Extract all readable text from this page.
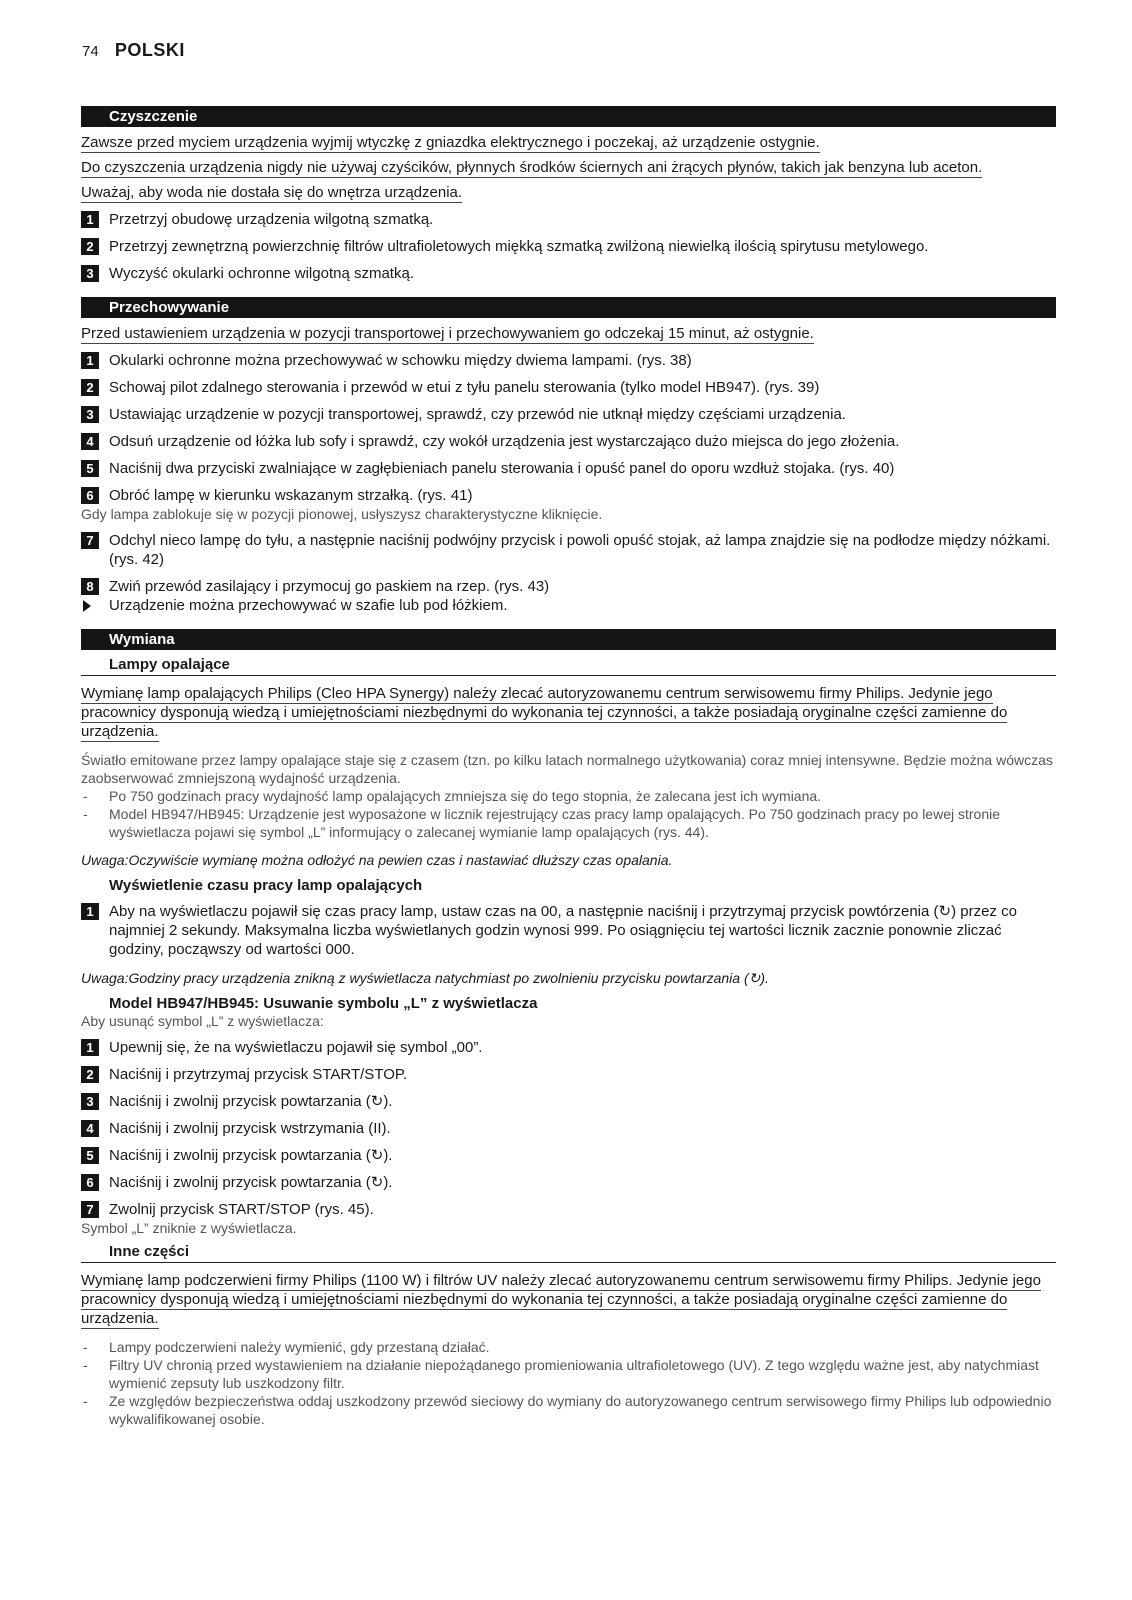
74 POLSKI
Czyszczenie
Zawsze przed myciem urządzenia wyjmij wtyczkę z gniazdka elektrycznego i poczekaj, aż urządzenie ostygnie.
Do czyszczenia urządzenia nigdy nie używaj czyścików, płynnych środków ściernych ani żrących płynów, takich jak benzyna lub aceton.
Uważaj, aby woda nie dostała się do wnętrza urządzenia.
1	Przetrzyj obudowę urządzenia wilgotną szmatką.
2	Przetrzyj zewnętrzną powierzchnię filtrów ultrafioletowych miękką szmatką zwilżoną niewielką ilością spirytusu metylowego.
3	Wyczyść okularki ochronne wilgotną szmatką.
Przechowywanie
Przed ustawieniem urządzenia w pozycji transportowej i przechowywaniem go odczekaj 15 minut, aż ostygnie.
1	Okularki ochronne można przechowywać w schowku między dwiema lampami. (rys. 38)
2	Schowaj pilot zdalnego sterowania i przewód w etui z tyłu panelu sterowania (tylko model HB947). (rys. 39)
3	Ustawiając urządzenie w pozycji transportowej, sprawdź, czy przewód nie utknął między częściami urządzenia.
4	Odsuń urządzenie od łóżka lub sofy i sprawdź, czy wokół urządzenia jest wystarczająco dużo miejsca do jego złożenia.
5	Naciśnij dwa przyciski zwalniające w zagłębieniach panelu sterowania i opuść panel do oporu wzdłuż stojaka. (rys. 40)
6	Obróć lampę w kierunku wskazanym strzałką. (rys. 41)
Gdy lampa zablokuje się w pozycji pionowej, usłyszysz charakterystyczne kliknięcie.
7	Odchyl nieco lampę do tyłu, a następnie naciśnij podwójny przycisk i powoli opuść stojak, aż lampa znajdzie się na podłodze między nóżkami. (rys. 42)
8	Zwiń przewód zasilający i przymocuj go paskiem na rzep. (rys. 43)
Urządzenie można przechowywać w szafie lub pod łóżkiem.
Wymiana
Lampy opalające
Wymianę lamp opalających Philips (Cleo HPA Synergy) należy zlecać autoryzowanemu centrum serwisowemu firmy Philips. Jedynie jego pracownicy dysponują wiedzą i umiejętnościami niezbędnymi do wykonania tej czynności, a także posiadają oryginalne części zamienne do urządzenia.
Światło emitowane przez lampy opalające staje się z czasem (tzn. po kilku latach normalnego użytkowania) coraz mniej intensywne. Będzie można wówczas zaobserwować zmniejszoną wydajność urządzenia.
- Po 750 godzinach pracy wydajność lamp opalających zmniejsza się do tego stopnia, że zalecana jest ich wymiana.
- Model HB947/HB945: Urządzenie jest wyposażone w licznik rejestrujący czas pracy lamp opalających. Po 750 godzinach pracy po lewej stronie wyświetlacza pojawi się symbol „L” informujący o zalecanej wymianie lamp opalających (rys. 44).
Uwaga:Oczywiście wymianę można odłożyć na pewien czas i nastawiać dłuższy czas opalania.
Wyświetlenie czasu pracy lamp opalających
1	Aby na wyświetlaczu pojawił się czas pracy lamp, ustaw czas na 00, a następnie naciśnij i przytrzymaj przycisk powtórzenia (↻) przez co najmniej 2 sekundy. Maksymalna liczba wyświetlanych godzin wynosi 999. Po osiągnięciu tej wartości licznik zacznie ponownie zliczać godziny, począwszy od wartości 000.
Uwaga:Godziny pracy urządzenia znikną z wyświetlacza natychmiast po zwolnieniu przycisku powtarzania (↻).
Model HB947/HB945: Usuwanie symbolu „L” z wyświetlacza
Aby usunąć symbol „L” z wyświetlacza:
1	Upewnij się, że na wyświetlaczu pojawił się symbol „00”.
2	Naciśnij i przytrzymaj przycisk START/STOP.
3	Naciśnij i zwolnij przycisk powtarzania (↻).
4	Naciśnij i zwolnij przycisk wstrzymania (II).
5	Naciśnij i zwolnij przycisk powtarzania (↻).
6	Naciśnij i zwolnij przycisk powtarzania (↻).
7	Zwolnij przycisk START/STOP (rys. 45).
Symbol „L” zniknie z wyświetlacza.
Inne części
Wymianę lamp podczerwieni firmy Philips (1100 W) i filtrów UV należy zlecać autoryzowanemu centrum serwisowemu firmy Philips. Jedynie jego pracownicy dysponują wiedzą i umiejętnościami niezbędnymi do wykonania tej czynności, a także posiadają oryginalne części zamienne do urządzenia.
- Lampy podczerwieni należy wymienić, gdy przestaną działać.
- Filtry UV chronią przed wystawieniem na działanie niepożądanego promieniowania ultrafioletowego (UV). Z tego względu ważne jest, aby natychmiast wymienić zepsuty lub uszkodzony filtr.
- Ze względów bezpieczeństwa oddaj uszkodzony przewód sieciowy do wymiany do autoryzowanego centrum serwisowego firmy Philips lub odpowiednio wykwalifikowanej osobie.
